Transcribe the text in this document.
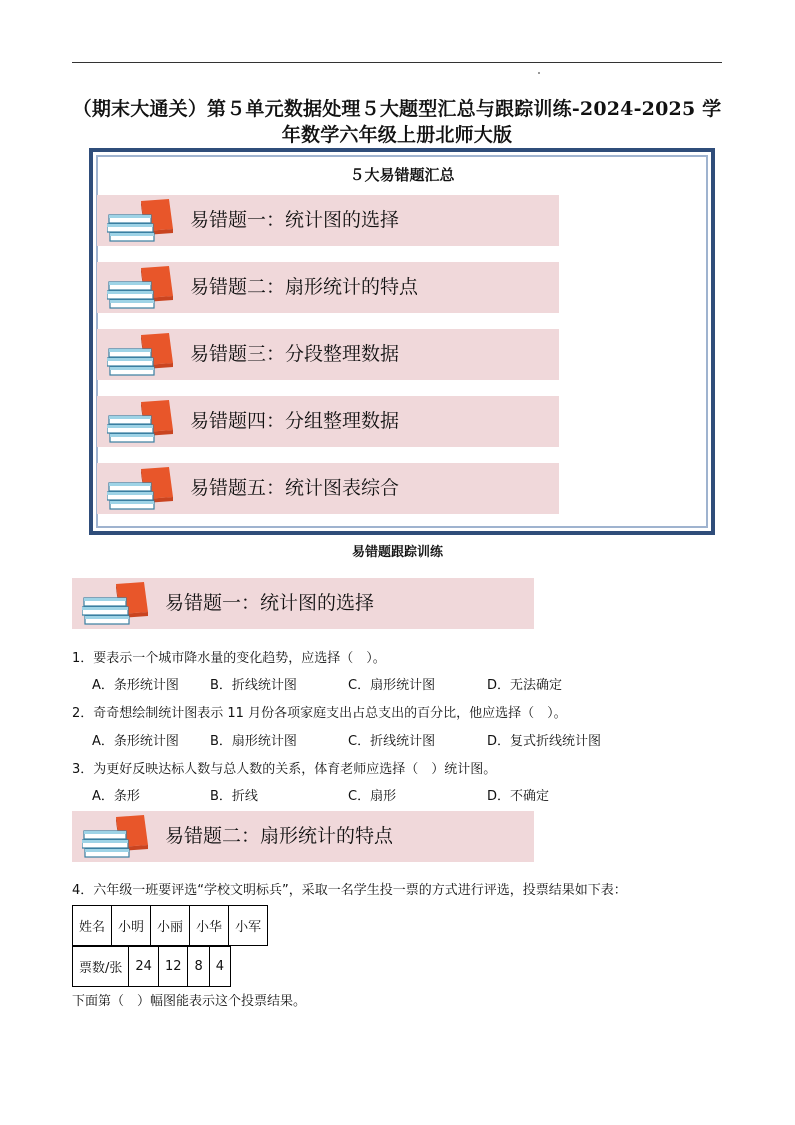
（期末大通关）第５单元数据处理５大题型汇总与跟踪训练-2024-2025 学年数学六年级上册北师大版
５大易错题汇总
易错题一：统计图的选择
易错题二：扇形统计的特点
易错题三：分段整理数据
易错题四：分组整理数据
易错题五：统计图表综合
易错题跟踪训练
易错题一：统计图的选择
1．要表示一个城市降水量的变化趋势，应选择（　）。
A．条形统计图 B．折线统计图	C．扇形统计图	D．无法确定
2．奇奇想绘制统计图表示 11 月份各项家庭支出占总支出的百分比，他应选择（　）。
A．条形统计图 B．扇形统计图	C．折线统计图	D．复式折线统计图
3．为更好反映达标人数与总人数的关系，体育老师应选择（　）统计图。
A．条形	B．折线	C．扇形	D．不确定
易错题二：扇形统计的特点
4．六年级一班要评选“学校文明标兵”，采取一名学生投一票的方式进行评选，投票结果如下表：
姓名	小明	小丽	小华	小军
票数/张	24	12	8	4
下面第（　）幅图能表示这个投票结果。
